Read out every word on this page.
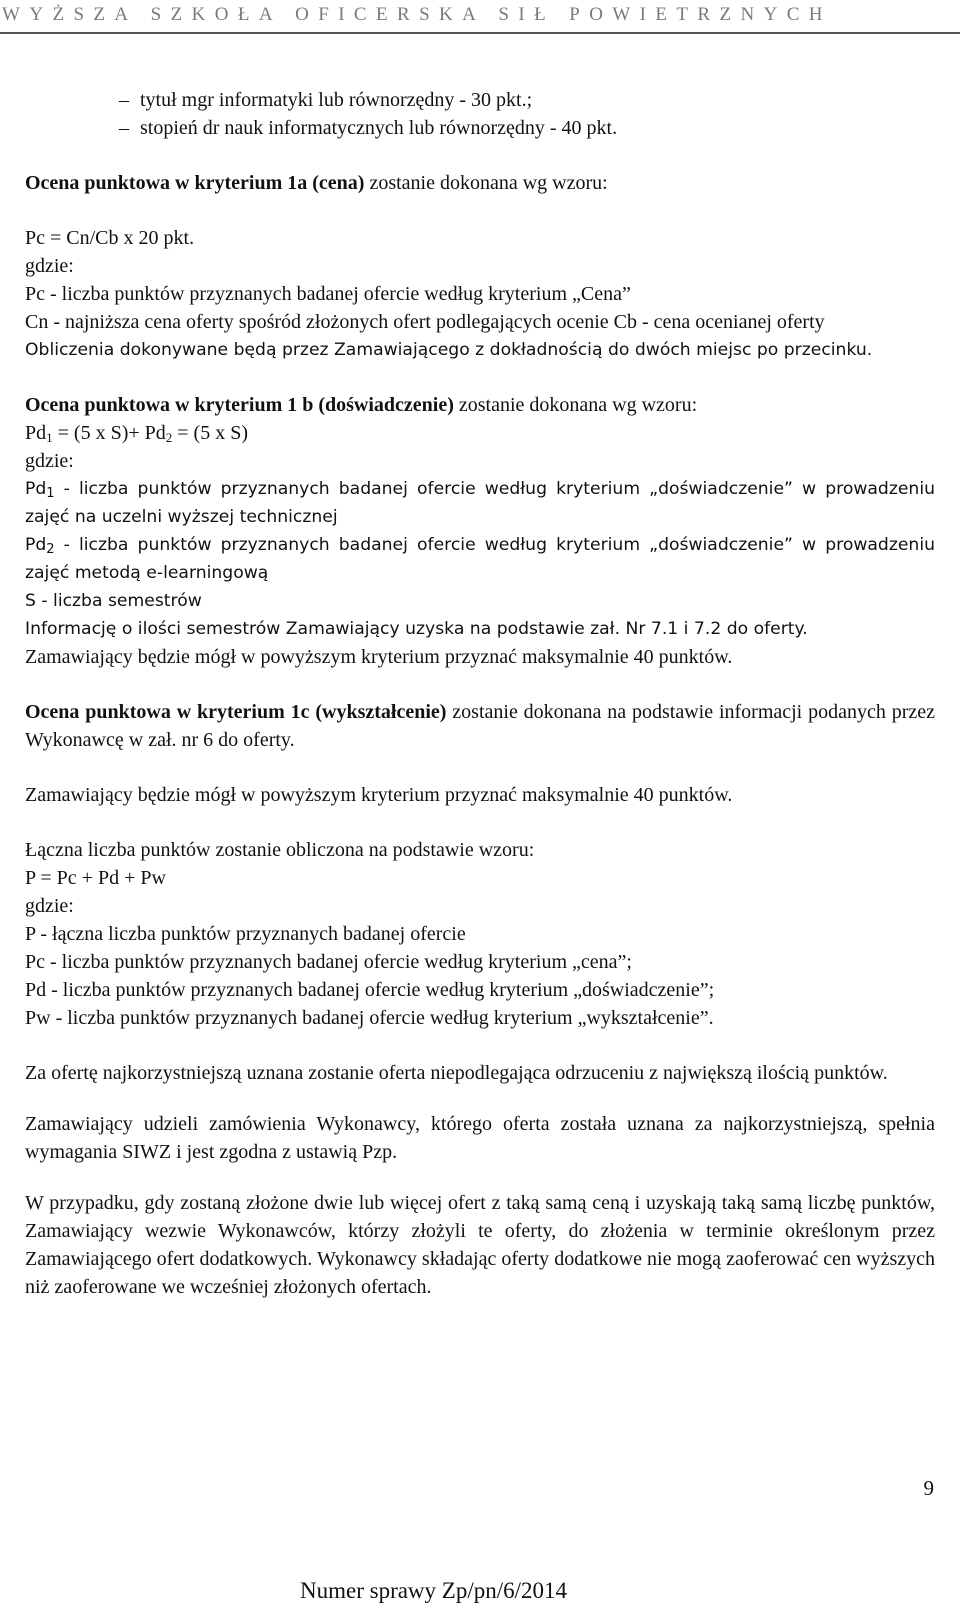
WYŻSZA SZKOŁA OFICERSKA SIŁ POWIETRZNYCH
– tytuł mgr informatyki lub równorzędny - 30 pkt.;
– stopień dr nauk informatycznych lub równorzędny - 40 pkt.

Ocena punktowa w kryterium 1a (cena) zostanie dokonana wg wzoru:

Pc = Cn/Cb x 20 pkt.

gdzie:

Pc - liczba punktów przyznanych badanej ofercie według kryterium „Cena”

Cn - najniższa cena oferty spośród złożonych ofert podlegających ocenie Cb - cena ocenianej oferty

Obliczenia dokonywane będą przez Zamawiającego z dokładnością do dwóch miejsc po przecinku.

Ocena punktowa w kryterium 1 b (doświadczenie) zostanie dokonana wg wzoru:

$Pd_1 = (5$ x $S)+ Pd_2 = (5$ x S)

gdzie:

$Pd_1$ - liczba punktów przyznanych badanej ofercie według kryterium „doświadczenie” w prowadzeniu zajęć na uczelni wyższej technicznej

$Pd_2$ - liczba punktów przyznanych badanej ofercie według kryterium „doświadczenie” w prowadzeniu zajęć metodą e-learningową

S - liczba semestrów

Informację o ilości semestrów Zamawiający uzyska na podstawie zał. Nr 7.1 i 7.2 do oferty.

Zamawiający będzie mógł w powyższym kryterium przyznać maksymalnie 40 punktów.

Ocena punktowa w kryterium 1c (wykształcenie) zostanie dokonana na podstawie informacji podanych przez Wykonawcę w zał. nr 6 do oferty.

Zamawiający będzie mógł w powyższym kryterium przyznać maksymalnie 40 punktów.

Łączna liczba punktów zostanie obliczona na podstawie wzoru:

P = Pc + Pd + Pw

gdzie:

P - łączna liczba punktów przyznanych badanej ofercie

Pc - liczba punktów przyznanych badanej ofercie według kryterium „cena”;

Pd - liczba punktów przyznanych badanej ofercie według kryterium „doświadczenie”;

Pw - liczba punktów przyznanych badanej ofercie według kryterium „wykształcenie”.

Za ofertę najkorzystniejszą uznana zostanie oferta niepodlegająca odrzuceniu z największą ilością punktów.

Zamawiający udzieli zamówienia Wykonawcy, którego oferta została uznana za najkorzystniejszą, spełnia wymagania SIWZ i jest zgodna z ustawią Pzp.

W przypadku, gdy zostaną złożone dwie lub więcej ofert z taką samą ceną i uzyskają taką samą liczbę punktów, Zamawiający wezwie Wykonawców, którzy złożyli te oferty, do złożenia w terminie określonym przez Zamawiającego ofert dodatkowych. Wykonawcy składając oferty dodatkowe nie mogą zaoferować cen wyższych niż zaoferowane we wcześniej złożonych ofertach.

9
Numer sprawy Zp/pn/6/2014
